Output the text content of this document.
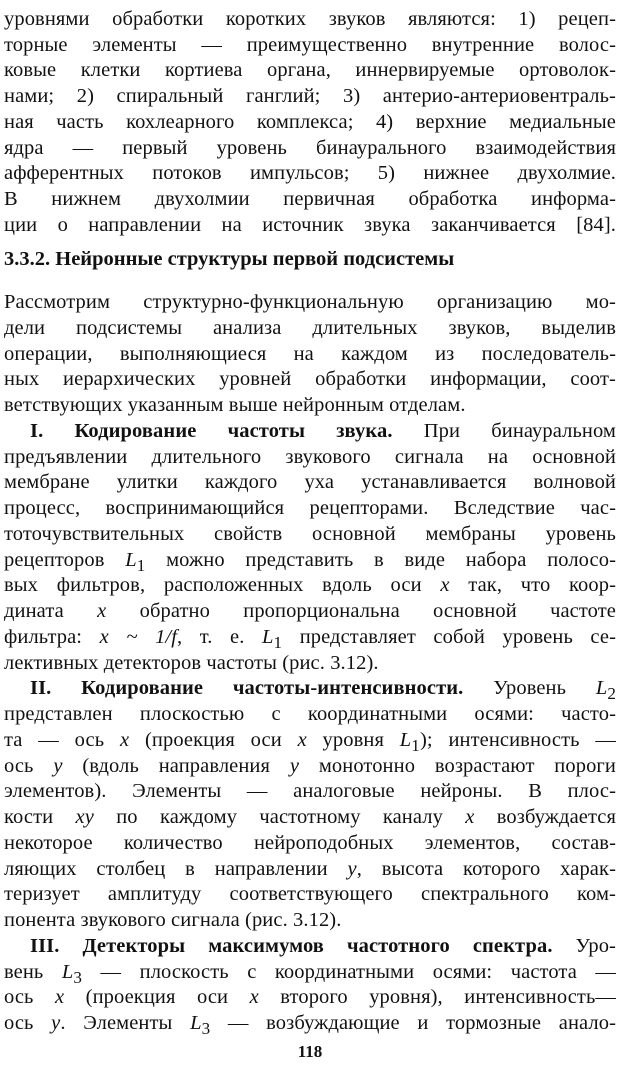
уровнями обработки коротких звуков являются: 1) рецеп-
торные элементы — преимущественно внутренние волос-
ковые клетки кортиева органа, иннервируемые ортоволок-
нами; 2) спиральный ганглий; 3) антерио-антериовентраль-
ная часть кохлеарного комплекса; 4) верхние медиальные
ядра — первый уровень бинаурального взаимодействия
афферентных потоков импульсов; 5) нижнее двухолмие.
В нижнем двухолмии первичная обработка информа-
ции о направлении на источник звука заканчивается [84].
3.3.2. Нейронные структуры первой подсистемы
Рассмотрим структурно-функциональную организацию мо-
дели подсистемы анализа длительных звуков, выделив
операции, выполняющиеся на каждом из последователь-
ных иерархических уровней обработки информации, соот-
ветствующих указанным выше нейронным отделам.
I. Кодирование частоты звука. При бинауральном
предъявлении длительного звукового сигнала на основной
мембране улитки каждого уха устанавливается волновой
процесс, воспринимающийся рецепторами. Вследствие час-
тоточувствительных свойств основной мембраны уровень
рецепторов $L_1$ можно представить в виде набора полосо-
вых фильтров, расположенных вдоль оси x так, что коор-
дината x обратно пропорциональна основной частоте
фильтра: x ~ 1/f, т. е. $L_1$ представляет собой уровень се-
лективных детекторов частоты (рис. 3.12).
II. Кодирование частоты-интенсивности. Уровень $L_2$
представлен плоскостью с координатными осями: часто-
та — ось x (проекция оси x уровня $L_1$); интенсивность —
ось y (вдоль направления y монотонно возрастают пороги
элементов). Элементы — аналоговые нейроны. В плос-
кости xy по каждому частотному каналу x возбуждается
некоторое количество нейроподобных элементов, состав-
ляющих столбец в направлении y, высота которого харак-
теризует амплитуду соответствующего спектрального ком-
понента звукового сигнала (рис. 3.12).
III. Детекторы максимумов частотного спектра. Уро-
вень $L_3$ — плоскость с координатными осями: частота —
ось x (проекция оси x второго уровня), интенсивность—
ось y. Элементы $L_3$ — возбуждающие и тормозные анало-
118
